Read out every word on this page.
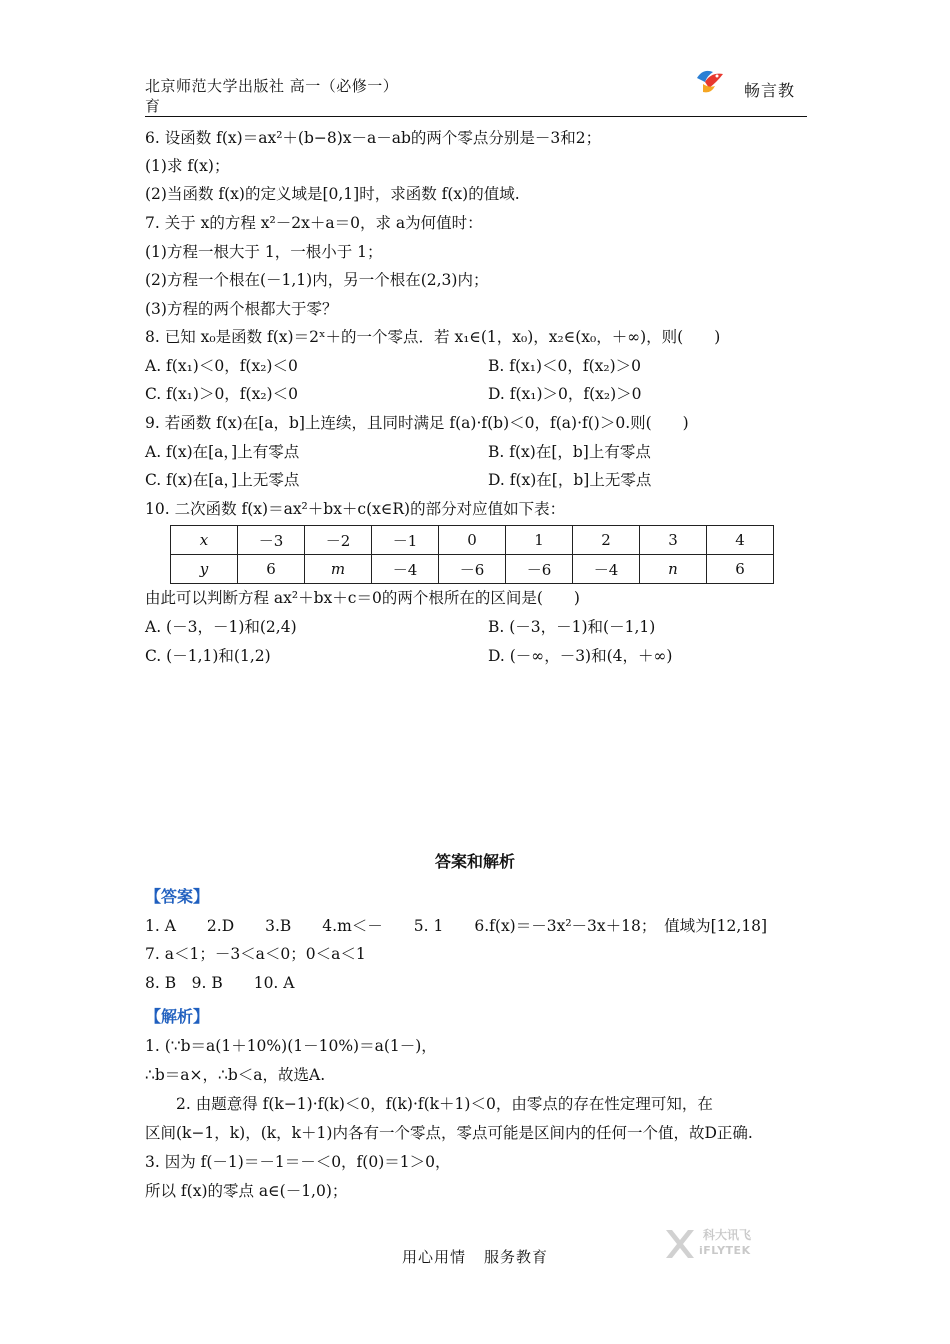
北京师范大学出版社 高一（必修一）
育
畅言教
6. 设函数 f(x)＝ax²＋(b−8)x－a－ab的两个零点分别是－3和2；
(1)求 f(x)；
(2)当函数 f(x)的定义域是[0,1]时，求函数 f(x)的值域.
7. 关于 x的方程 x²－2x＋a＝0，求 a为何值时：
(1)方程一根大于 1，一根小于 1；
(2)方程一个根在(－1,1)内，另一个根在(2,3)内；
(3)方程的两个根都大于零？
8. 已知 x₀是函数 f(x)＝2ˣ＋的一个零点．若 x₁∈(1，x₀)，x₂∈(x₀，＋∞)，则(　　)
A. f(x₁)＜0，f(x₂)＜0	B. f(x₁)＜0，f(x₂)＞0
C. f(x₁)＞0，f(x₂)＜0	D. f(x₁)＞0，f(x₂)＞0
9. 若函数 f(x)在[a，b]上连续，且同时满足 f(a)·f(b)＜0，f(a)·f()＞0.则(　　)
A. f(x)在[a，]上有零点	B. f(x)在[，b]上有零点
C. f(x)在[a，]上无零点	D. f(x)在[，b]上无零点
10. 二次函数 f(x)＝ax²＋bx＋c(x∈R)的部分对应值如下表：
x	－3	－2	－1	0	1	2	3	4
y	6	m	－4	－6	－6	－4	n	6
由此可以判断方程 ax²＋bx＋c＝0的两个根所在的区间是(　　)
A. (－3，－1)和(2,4)	B. (－3，－1)和(－1,1)
C. (－1,1)和(1,2)	D. (－∞，－3)和(4，＋∞)
答案和解析
【答案】
1. A　　2.D　　3.B　　4.m＜－　　5. 1　　6.f(x)＝－3x²－3x＋18；　值域为[12,18]
7. a＜1；－3＜a＜0；0＜a＜1
8. B　9. B　　10. A
【解析】
1. (∵b＝a(1＋10%)(1－10%)＝a(1－)，
∴b＝a×，∴b＜a，故选A.
2. 由题意得 f(k−1)·f(k)＜0，f(k)·f(k＋1)＜0，由零点的存在性定理可知，在
区间(k−1，k)，(k，k＋1)内各有一个零点，零点可能是区间内的任何一个值，故D正确.
3. 因为 f(－1)＝－1＝－＜0，f(0)＝1＞0，
所以 f(x)的零点 a∈(－1,0)；
用心用情 服务教育
科大讯飞
iFLYTEK
